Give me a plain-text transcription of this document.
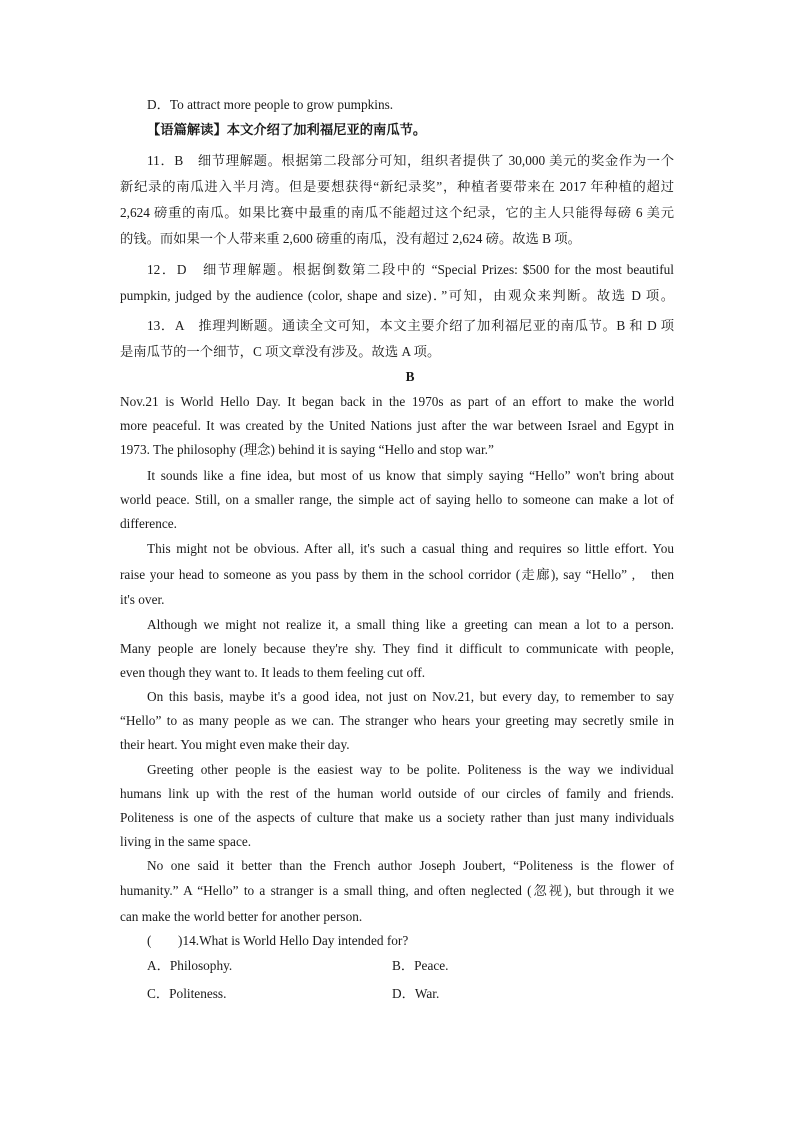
D．To attract more people to grow pumpkins.
【语篇解读】本文介绍了加利福尼亚的南瓜节。
11．B　细节理解题。根据第二段部分可知，组织者提供了 30,000 美元的奖金作为一个
新纪录的南瓜进入半月湾。但是要想获得“新纪录奖”，种植者要带来在 2017 年种植的超过
2,624 磅重的南瓜。如果比赛中最重的南瓜不能超过这个纪录，它的主人只能得每磅 6 美元
的钱。而如果一个人带来重 2,600 磅重的南瓜，没有超过 2,624 磅。故选 B 项。
12．D　细节理解题。根据倒数第二段中的 “Special Prizes: $500 for the most beautiful
pumpkin, judged by the audience (color, shape and size)．”可知，由观众来判断。故选 D 项。
13．A　推理判断题。通读全文可知，本文主要介绍了加利福尼亚的南瓜节。B 和 D 项
是南瓜节的一个细节，C 项文章没有涉及。故选 A 项。
B
Nov.21 is World Hello Day. It began back in the 1970s as part of an effort to make the world
more peaceful. It was created by the United Nations just after the war between Israel and Egypt in
1973. The philosophy (理念) behind it is saying “Hello and stop war.”
It sounds like a fine idea, but most of us know that simply saying “Hello” won't bring about
world peace. Still, on a smaller range, the simple act of saying hello to someone can make a lot of
difference.
This might not be obvious. After all, it's such a casual thing and requires so little effort. You
raise your head to someone as you pass by them in the school corridor (走廊), say “Hello” ,　then
it's over.
Although we might not realize it, a small thing like a greeting can mean a lot to a person.
Many people are lonely because they're shy. They find it difficult to communicate with people,
even though they want to. It leads to them feeling cut off.
On this basis, maybe it's a good idea, not just on Nov.21, but every day, to remember to say
“Hello” to as many people as we can. The stranger who hears your greeting may secretly smile in
their heart. You might even make their day.
Greeting other people is the easiest way to be polite. Politeness is the way we individual
humans link up with the rest of the human world outside of our circles of family and friends.
Politeness is one of the aspects of culture that make us a society rather than just many individuals
living in the same space.
No one said it better than the French author Joseph Joubert, “Politeness is the flower of
humanity.” A “Hello” to a stranger is a small thing, and often neglected (忽视), but through it we
can make the world better for another person.
(　　)14.What is World Hello Day intended for?
A．Philosophy.	B．Peace.
C．Politeness.	D．War.
